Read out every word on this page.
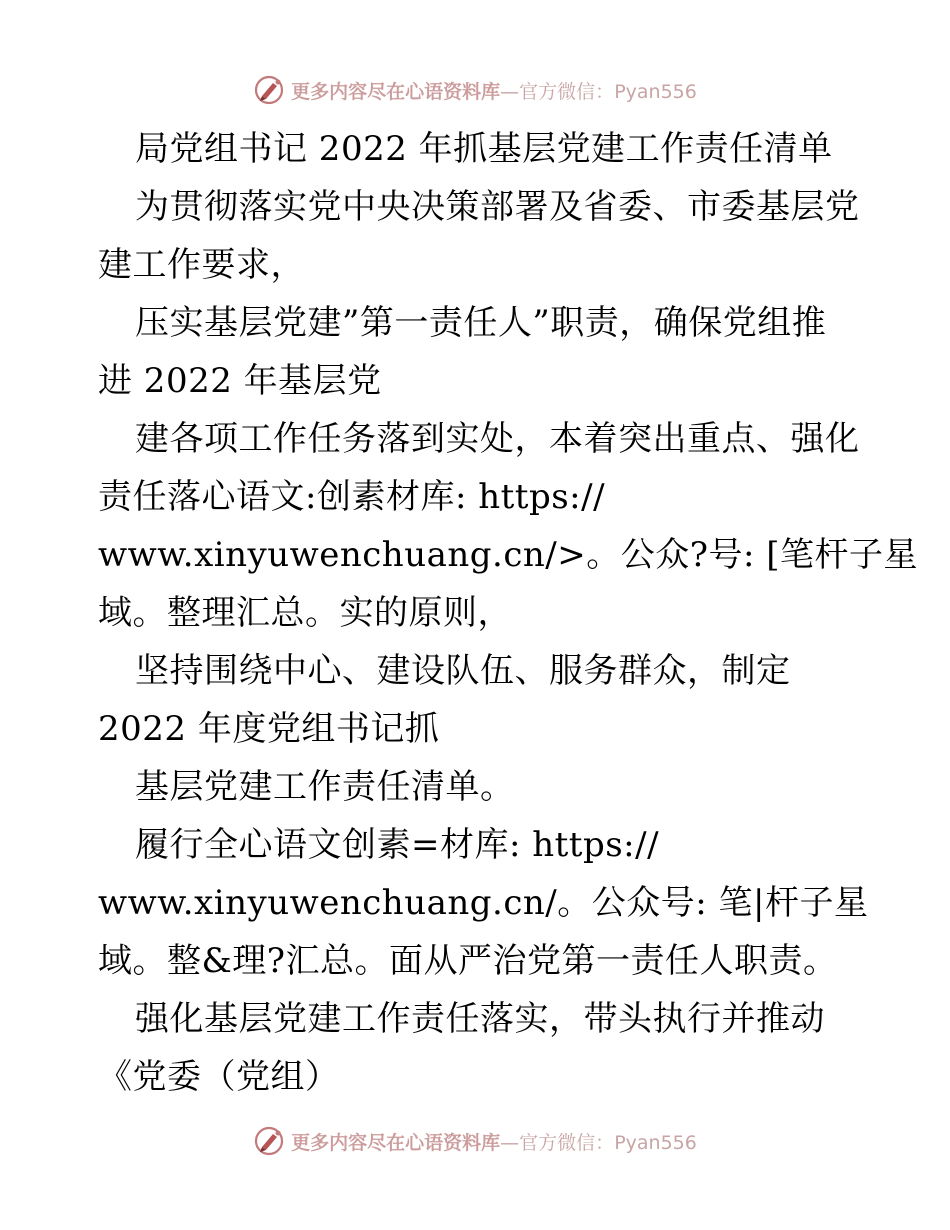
更多内容尽在心语资料库—官方微信：Pyan556
局党组书记 2022 年抓基层党建工作责任清单
为贯彻落实党中央决策部署及省委、市委基层党
建工作要求，
压实基层党建”第一责任人”职责，确保党组推
进 2022 年基层党
建各项工作任务落到实处，本着突出重点、强化
责任落心语文:创素材库: https://
www.xinyuwenchuang.cn/>。公众?号: [笔杆子星
域。整理汇总。实的原则，
坚持围绕中心、建设队伍、服务群众，制定
2022 年度党组书记抓
基层党建工作责任清单。
履行全心语文创素=材库: https://
www.xinyuwenchuang.cn/。公众号: 笔|杆子星
域。整&理?汇总。面从严治党第一责任人职责。
强化基层党建工作责任落实，带头执行并推动
《党委（党组）
更多内容尽在心语资料库—官方微信：Pyan556
